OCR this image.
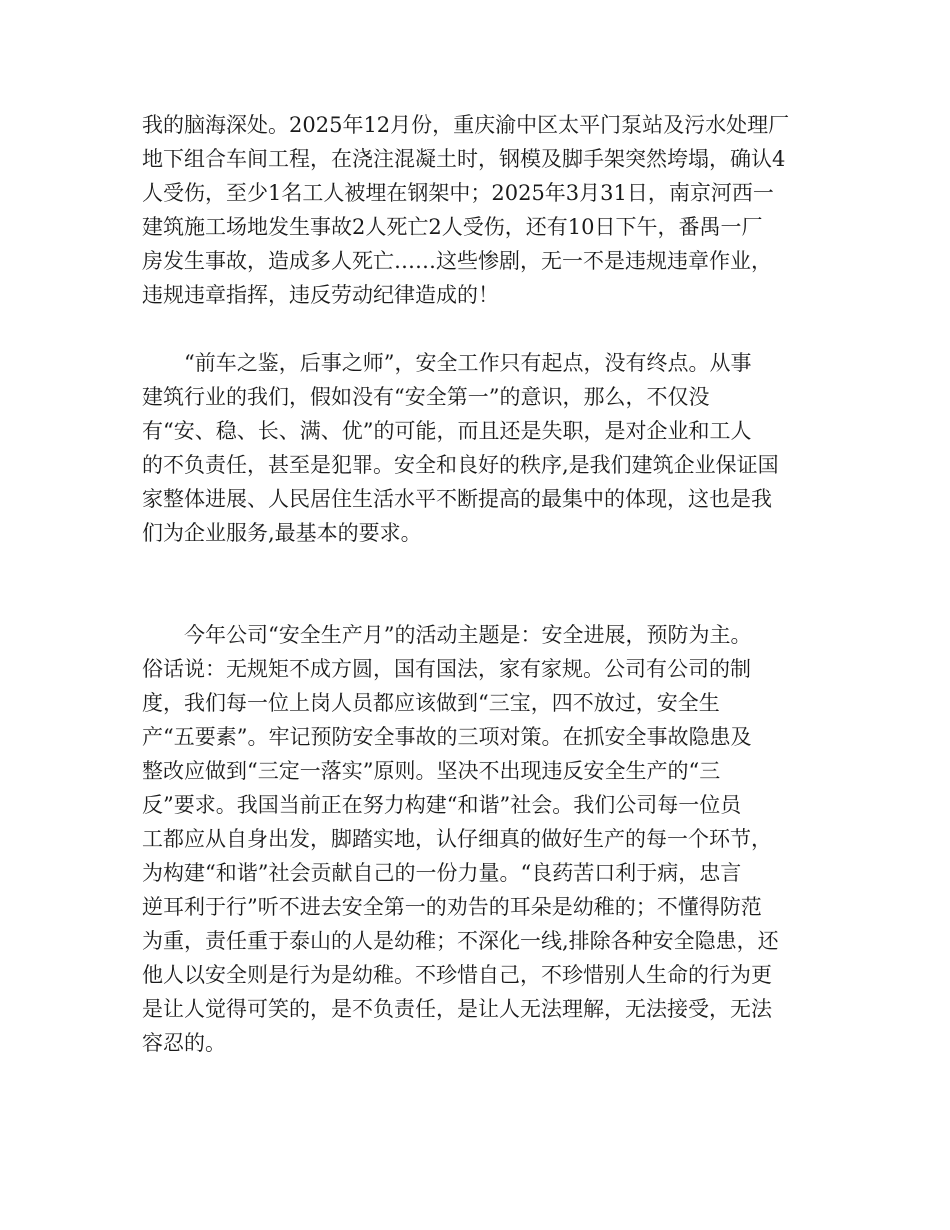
我的脑海深处。2025年12月份，重庆渝中区太平门泵站及污水处理厂
地下组合车间工程，在浇注混凝土时，钢模及脚手架突然垮塌，确认4
人受伤，至少1名工人被埋在钢架中；2025年3月31日，南京河西一
建筑施工场地发生事故2人死亡2人受伤，还有10日下午，番禺一厂
房发生事故，造成多人死亡……这些惨剧，无一不是违规违章作业，
违规违章指挥，违反劳动纪律造成的！

“前车之鉴，后事之师”，安全工作只有起点，没有终点。从事
建筑行业的我们，假如没有“安全第一”的意识，那么，不仅没
有“安、稳、长、满、优”的可能，而且还是失职，是对企业和工人
的不负责任，甚至是犯罪。安全和良好的秩序,是我们建筑企业保证国
家整体进展、人民居住生活水平不断提高的最集中的体现，这也是我
们为企业服务,最基本的要求。

今年公司“安全生产月”的活动主题是：安全进展，预防为主。
俗话说：无规矩不成方圆，国有国法，家有家规。公司有公司的制
度，我们每一位上岗人员都应该做到“三宝，四不放过，安全生
产“五要素”。牢记预防安全事故的三项对策。在抓安全事故隐患及
整改应做到“三定一落实”原则。坚决不出现违反安全生产的“三
反”要求。我国当前正在努力构建“和谐”社会。我们公司每一位员
工都应从自身出发，脚踏实地，认仔细真的做好生产的每一个环节，
为构建“和谐”社会贡献自己的一份力量。“良药苦口利于病，忠言
逆耳利于行”听不进去安全第一的劝告的耳朵是幼稚的；不懂得防范
为重，责任重于泰山的人是幼稚；不深化一线,排除各种安全隐患，还
他人以安全则是行为是幼稚。不珍惜自己，不珍惜别人生命的行为更
是让人觉得可笑的，是不负责任，是让人无法理解，无法接受，无法
容忍的。
